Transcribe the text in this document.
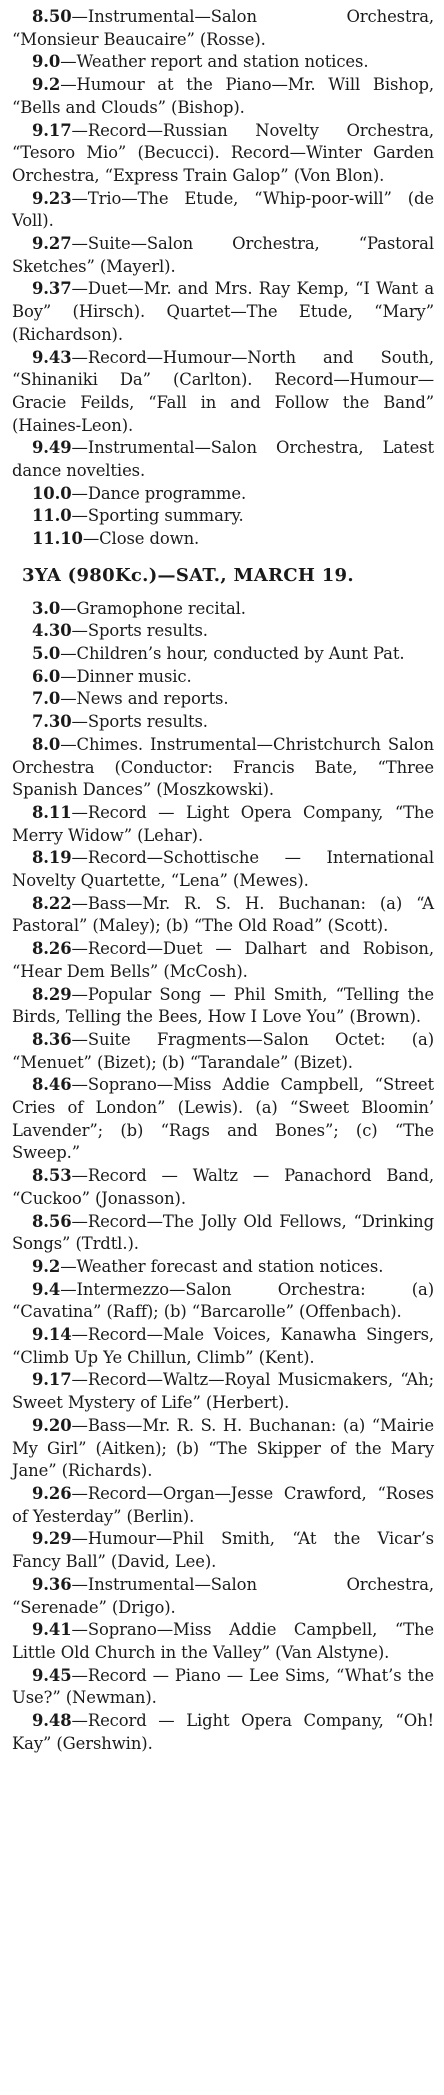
8.50—Instrumental—Salon Orchestra, “Monsieur Beaucaire” (Rosse).

9.0—Weather report and station notices.

9.2—Humour at the Piano—Mr. Will Bishop, “Bells and Clouds” (Bishop).

9.17—Record—Russian Novelty Orchestra, “Tesoro Mio” (Becucci). Record—Winter Garden Orchestra, “Express Train Galop” (Von Blon).

9.23—Trio—The Etude, “Whip-poor-will” (de Voll).

9.27—Suite—Salon Orchestra, “Pastoral Sketches” (Mayerl).

9.37—Duet—Mr. and Mrs. Ray Kemp, “I Want a Boy” (Hirsch). Quartet—The Etude, “Mary” (Richardson).

9.43—Record—Humour—North and South, “Shinaniki Da” (Carlton). Record—Humour—Gracie Feilds, “Fall in and Follow the Band” (Haines-Leon).

9.49—Instrumental—Salon Orchestra, Latest dance novelties.

10.0—Dance programme.

11.0—Sporting summary.

11.10—Close down.

3YA (980Kc.)—SAT., MARCH 19.

3.0—Gramophone recital.

4.30—Sports results.

5.0—Children’s hour, conducted by Aunt Pat.

6.0—Dinner music.

7.0—News and reports.

7.30—Sports results.

8.0—Chimes. Instrumental—Christchurch Salon Orchestra (Conductor: Francis Bate, “Three Spanish Dances” (Moszkowski).

8.11—Record — Light Opera Company, “The Merry Widow” (Lehar).

8.19—Record—Schottische — International Novelty Quartette, “Lena” (Mewes).

8.22—Bass—Mr. R. S. H. Buchanan: (a) “A Pastoral” (Maley); (b) “The Old Road” (Scott).

8.26—Record—Duet — Dalhart and Robison, “Hear Dem Bells” (McCosh).

8.29—Popular Song — Phil Smith, “Telling the Birds, Telling the Bees, How I Love You” (Brown).

8.36—Suite Fragments—Salon Octet: (a) “Menuet” (Bizet); (b) “Tarandale” (Bizet).

8.46—Soprano—Miss Addie Campbell, “Street Cries of London” (Lewis). (a) “Sweet Bloomin’ Lavender”; (b) “Rags and Bones”; (c) “The Sweep.”

8.53—Record — Waltz — Panachord Band, “Cuckoo” (Jonasson).

8.56—Record—The Jolly Old Fellows, “Drinking Songs” (Trdtl.).

9.2—Weather forecast and station notices.

9.4—Intermezzo—Salon Orchestra: (a) “Cavatina” (Raff); (b) “Barcarolle” (Offenbach).

9.14—Record—Male Voices, Kanawha Singers, “Climb Up Ye Chillun, Climb” (Kent).

9.17—Record—Waltz—Royal Musicmakers, “Ah; Sweet Mystery of Life” (Herbert).

9.20—Bass—Mr. R. S. H. Buchanan: (a) “Mairie My Girl” (Aitken); (b) “The Skipper of the Mary Jane” (Richards).

9.26—Record—Organ—Jesse Crawford, “Roses of Yesterday” (Berlin).

9.29—Humour—Phil Smith, “At the Vicar’s Fancy Ball” (David, Lee).

9.36—Instrumental—Salon Orchestra, “Serenade” (Drigo).

9.41—Soprano—Miss Addie Campbell, “The Little Old Church in the Valley” (Van Alstyne).

9.45—Record — Piano — Lee Sims, “What’s the Use?” (Newman).

9.48—Record — Light Opera Company, “Oh! Kay” (Gershwin).
